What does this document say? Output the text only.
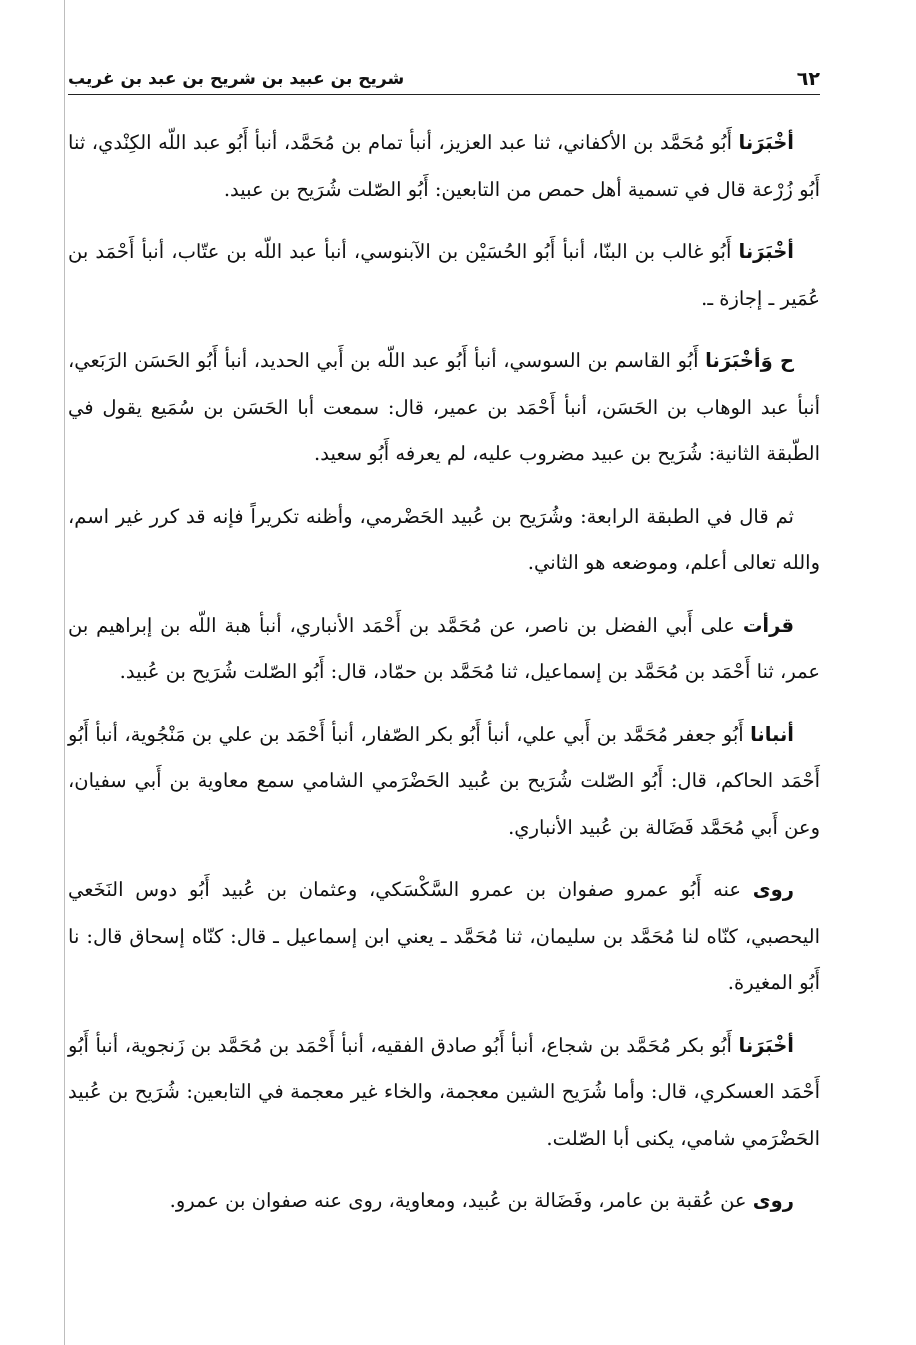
٦٢
شريح بن عبيد بن شريح بن عبد بن غريب

أخْبَرَنا أَبُو مُحَمَّد بن الأكفاني، ثنا عبد العزيز، أنبأ تمام بن مُحَمَّد، أنبأ أَبُو عبد اللّه الكِنْدي، ثنا أَبُو زُرْعة قال في تسمية أهل حمص من التابعين: أَبُو الصّلت شُرَيح بن عبيد.

أخْبَرَنا أَبُو غالب بن البنّا، أنبأ أَبُو الحُسَيْن بن الآبنوسي، أنبأ عبد اللّه بن عتّاب، أنبأ أَحْمَد بن عُمَير ـ إجازة ـ.

ح وَأخْبَرَنا أَبُو القاسم بن السوسي، أنبأ أَبُو عبد اللّه بن أَبي الحديد، أنبأ أَبُو الحَسَن الرَبَعي، أنبأ عبد الوهاب بن الحَسَن، أنبأ أَحْمَد بن عمير، قال: سمعت أبا الحَسَن بن سُمَيع يقول في الطّبقة الثانية: شُرَيح بن عبيد مضروب عليه، لم يعرفه أَبُو سعيد.

ثم قال في الطبقة الرابعة: وشُرَيح بن عُبيد الحَضْرمي، وأظنه تكريراً فإنه قد كرر غير اسم، والله تعالى أعلم، وموضعه هو الثاني.

قرأت على أَبي الفضل بن ناصر، عن مُحَمَّد بن أَحْمَد الأنباري، أنبأ هبة اللّه بن إبراهيم بن عمر، ثنا أَحْمَد بن مُحَمَّد بن إسماعيل، ثنا مُحَمَّد بن حمّاد، قال: أَبُو الصّلت شُرَيح بن عُبيد.

أنبانا أَبُو جعفر مُحَمَّد بن أَبي علي، أنبأ أَبُو بكر الصّفار، أنبأ أَحْمَد بن علي بن مَنْجُوية، أنبأ أَبُو أَحْمَد الحاكم، قال: أَبُو الصّلت شُرَيح بن عُبيد الحَضْرَمي الشامي سمع معاوية بن أَبي سفيان، وعن أَبي مُحَمَّد فَضَالة بن عُبيد الأنباري.

روى عنه أَبُو عمرو صفوان بن عمرو السَّكْسَكي، وعثمان بن عُبيد أَبُو دوس النَخَعي اليحصبي، كنّاه لنا مُحَمَّد بن سليمان، ثنا مُحَمَّد ـ يعني ابن إسماعيل ـ قال: كنّاه إسحاق قال: نا أَبُو المغيرة.

أخْبَرَنا أَبُو بكر مُحَمَّد بن شجاع، أنبأ أَبُو صادق الفقيه، أنبأ أَحْمَد بن مُحَمَّد بن زَنجوية، أنبأ أَبُو أَحْمَد العسكري، قال: وأما شُرَيح الشين معجمة، والخاء غير معجمة في التابعين: شُرَيح بن عُبيد الحَضْرَمي شامي، يكنى أبا الصّلت.

روى عن عُقبة بن عامر، وفَضَالة بن عُبيد، ومعاوية، روى عنه صفوان بن عمرو.
